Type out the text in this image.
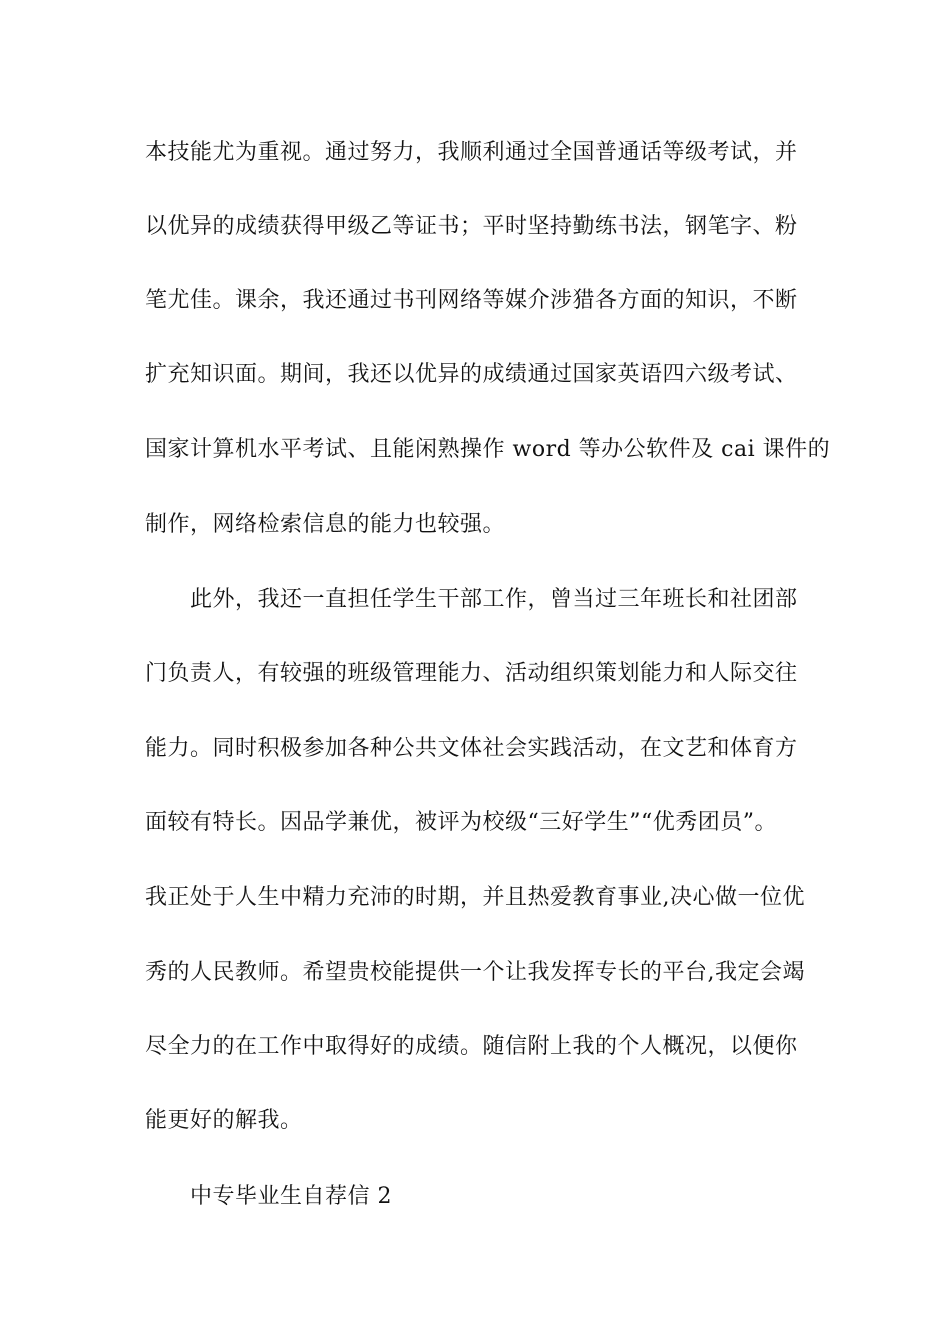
本技能尤为重视。通过努力，我顺利通过全国普通话等级考试，并
以优异的成绩获得甲级乙等证书；平时坚持勤练书法，钢笔字、粉
笔尤佳。课余，我还通过书刊网络等媒介涉猎各方面的知识，不断
扩充知识面。期间，我还以优异的成绩通过国家英语四六级考试、
国家计算机水平考试、且能闲熟操作 word 等办公软件及 cai 课件的
制作，网络检索信息的能力也较强。
此外，我还一直担任学生干部工作，曾当过三年班长和社团部
门负责人，有较强的班级管理能力、活动组织策划能力和人际交往
能力。同时积极参加各种公共文体社会实践活动，在文艺和体育方
面较有特长。因品学兼优，被评为校级“三好学生”“优秀团员”。
我正处于人生中精力充沛的时期，并且热爱教育事业,决心做一位优
秀的人民教师。希望贵校能提供一个让我发挥专长的平台,我定会竭
尽全力的在工作中取得好的成绩。随信附上我的个人概况，以便你
能更好的解我。
中专毕业生自荐信 2
